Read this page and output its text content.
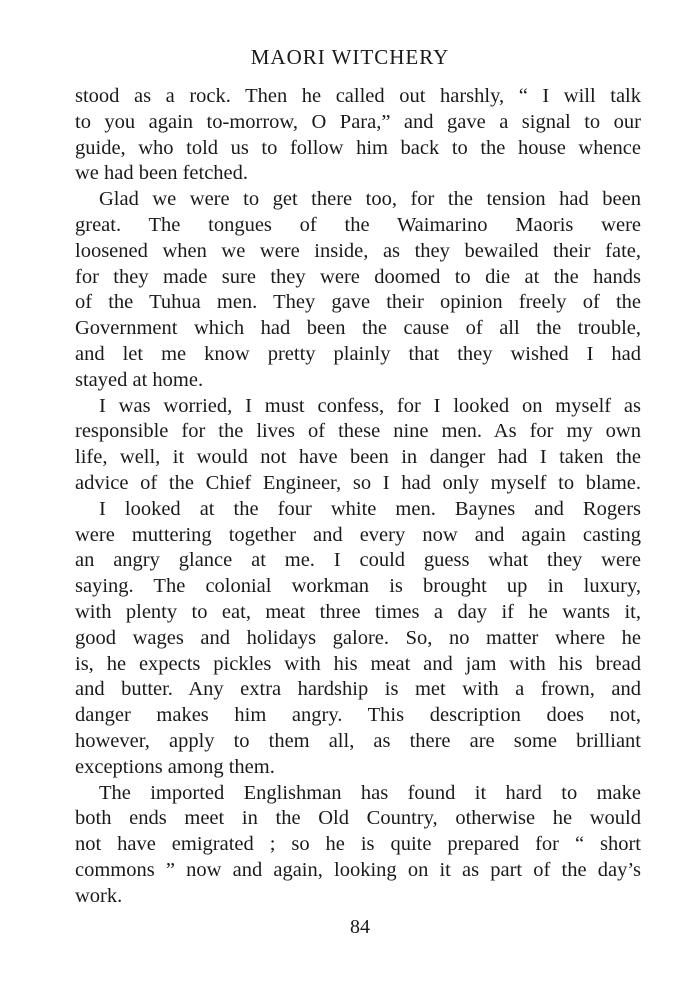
MAORI WITCHERY

stood as a rock. Then he called out harshly, “ I will talk
to you again to-morrow, O Para,” and gave a signal to our
guide, who told us to follow him back to the house whence
we had been fetched.

Glad we were to get there too, for the tension had been
great. The tongues of the Waimarino Maoris were
loosened when we were inside, as they bewailed their fate,
for they made sure they were doomed to die at the hands
of the Tuhua men. They gave their opinion freely of the
Government which had been the cause of all the trouble,
and let me know pretty plainly that they wished I had
stayed at home.

I was worried, I must confess, for I looked on myself as
responsible for the lives of these nine men. As for my own
life, well, it would not have been in danger had I taken the
advice of the Chief Engineer, so I had only myself to blame.

I looked at the four white men. Baynes and Rogers
were muttering together and every now and again casting
an angry glance at me. I could guess what they were
saying. The colonial workman is brought up in luxury,
with plenty to eat, meat three times a day if he wants it,
good wages and holidays galore. So, no matter where he
is, he expects pickles with his meat and jam with his bread
and butter. Any extra hardship is met with a frown, and
danger makes him angry. This description does not,
however, apply to them all, as there are some brilliant
exceptions among them.

The imported Englishman has found it hard to make
both ends meet in the Old Country, otherwise he would
not have emigrated ; so he is quite prepared for “ short
commons ” now and again, looking on it as part of the day’s
work.

84
